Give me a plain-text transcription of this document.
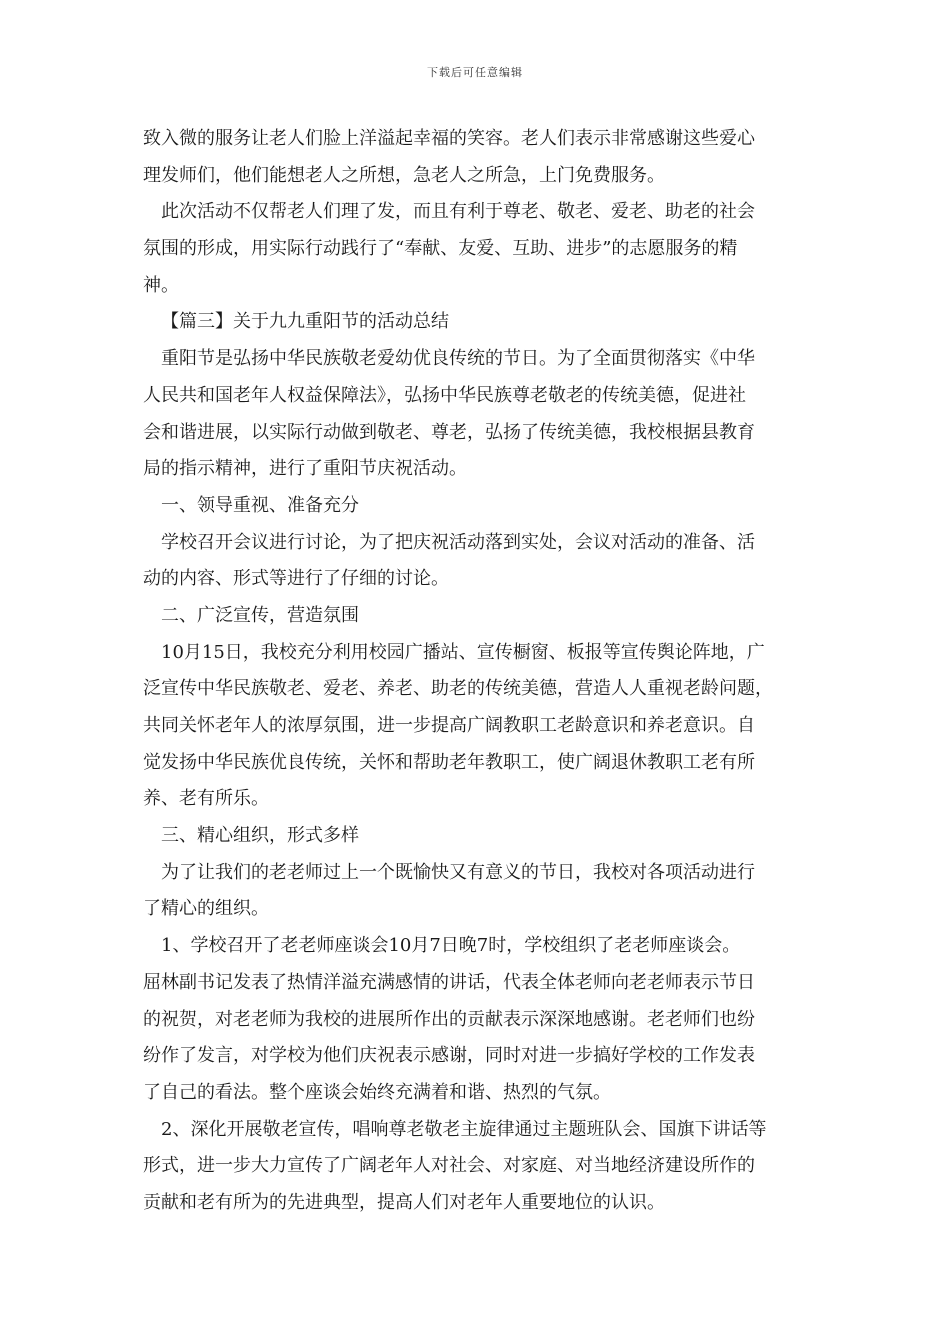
下载后可任意编辑
致入微的服务让老人们脸上洋溢起幸福的笑容。老人们表示非常感谢这些爱心
理发师们，他们能想老人之所想，急老人之所急，上门免费服务。
此次活动不仅帮老人们理了发，而且有利于尊老、敬老、爱老、助老的社会
氛围的形成，用实际行动践行了“奉献、友爱、互助、进步”的志愿服务的精
神。
【篇三】关于九九重阳节的活动总结
重阳节是弘扬中华民族敬老爱幼优良传统的节日。为了全面贯彻落实《中华
人民共和国老年人权益保障法》，弘扬中华民族尊老敬老的传统美德，促进社
会和谐进展，以实际行动做到敬老、尊老，弘扬了传统美德，我校根据县教育
局的指示精神，进行了重阳节庆祝活动。
一、领导重视、准备充分
学校召开会议进行讨论，为了把庆祝活动落到实处，会议对活动的准备、活
动的内容、形式等进行了仔细的讨论。
二、广泛宣传，营造氛围
10月15日，我校充分利用校园广播站、宣传橱窗、板报等宣传舆论阵地，广
泛宣传中华民族敬老、爱老、养老、助老的传统美德，营造人人重视老龄问题，
共同关怀老年人的浓厚氛围，进一步提高广阔教职工老龄意识和养老意识。自
觉发扬中华民族优良传统，关怀和帮助老年教职工，使广阔退休教职工老有所
养、老有所乐。
三、精心组织，形式多样
为了让我们的老老师过上一个既愉快又有意义的节日，我校对各项活动进行
了精心的组织。
1、学校召开了老老师座谈会10月7日晚7时，学校组织了老老师座谈会。
屈林副书记发表了热情洋溢充满感情的讲话，代表全体老师向老老师表示节日
的祝贺，对老老师为我校的进展所作出的贡献表示深深地感谢。老老师们也纷
纷作了发言，对学校为他们庆祝表示感谢，同时对进一步搞好学校的工作发表
了自己的看法。整个座谈会始终充满着和谐、热烈的气氛。
2、深化开展敬老宣传，唱响尊老敬老主旋律通过主题班队会、国旗下讲话等
形式，进一步大力宣传了广阔老年人对社会、对家庭、对当地经济建设所作的
贡献和老有所为的先进典型，提高人们对老年人重要地位的认识。
